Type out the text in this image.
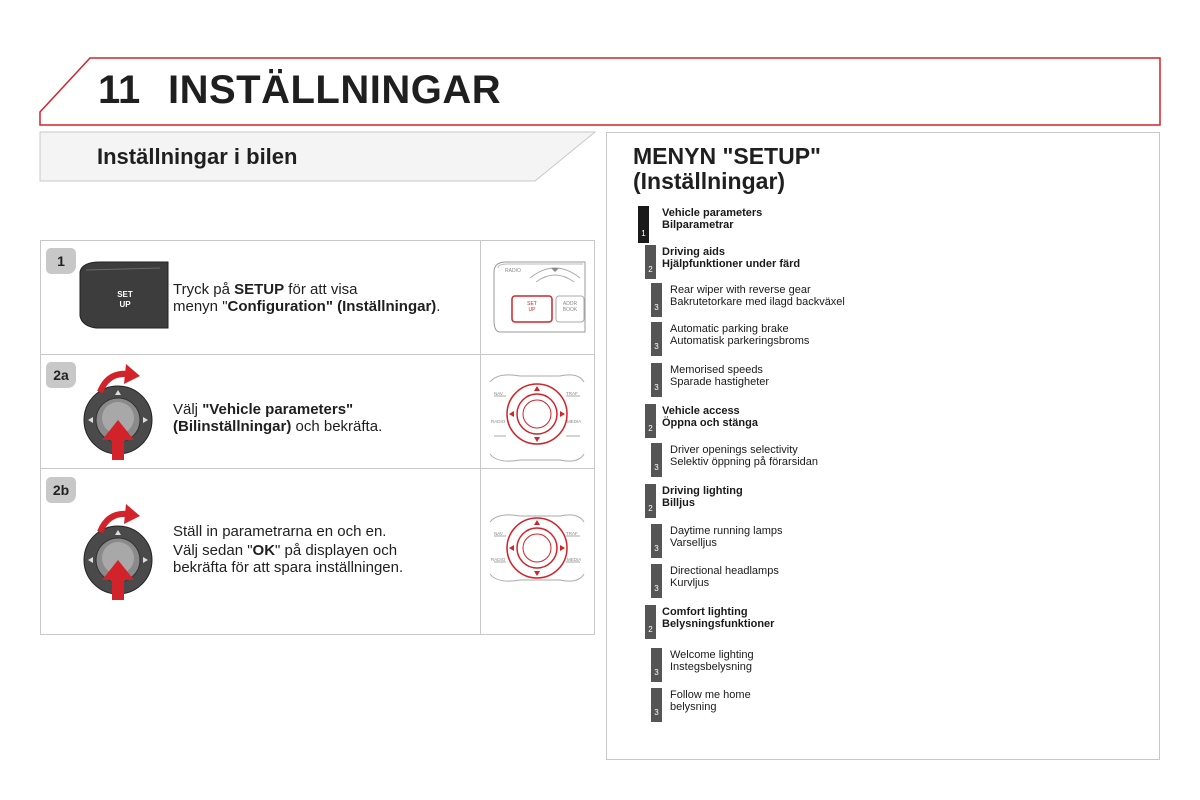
11 INSTÄLLNINGAR
Inställningar i bilen
1
2a
2b
SET
UP
RADIO
SET
UP
ADDR
BOOK
NAV	TRAF
RADIO	MEDIA
NAV	TRAF
RADIO	MEDIA
Tryck på SETUP för att visa
menyn "Configuration" (Inställningar).
Välj "Vehicle parameters"
(Bilinställningar) och bekräfta.
Ställ in parametrarna en och en.
Välj sedan "OK" på displayen och
bekräfta för att spara inställningen.
MENYN "SETUP"
(Inställningar)
1
Vehicle parameters
Bilparametrar
2
Driving aids
Hjälpfunktioner under färd
3
Rear wiper with reverse gear
Bakrutetorkare med ilagd backväxel
3
Automatic parking brake
Automatisk parkeringsbroms
3
Memorised speeds
Sparade hastigheter
2
Vehicle access
Öppna och stänga
3
Driver openings selectivity
Selektiv öppning på förarsidan
2
Driving lighting
Billjus
3
Daytime running lamps
Varselljus
3
Directional headlamps
Kurvljus
2
Comfort lighting
Belysningsfunktioner
3
Welcome lighting
Instegsbelysning
3
Follow me home
belysning
